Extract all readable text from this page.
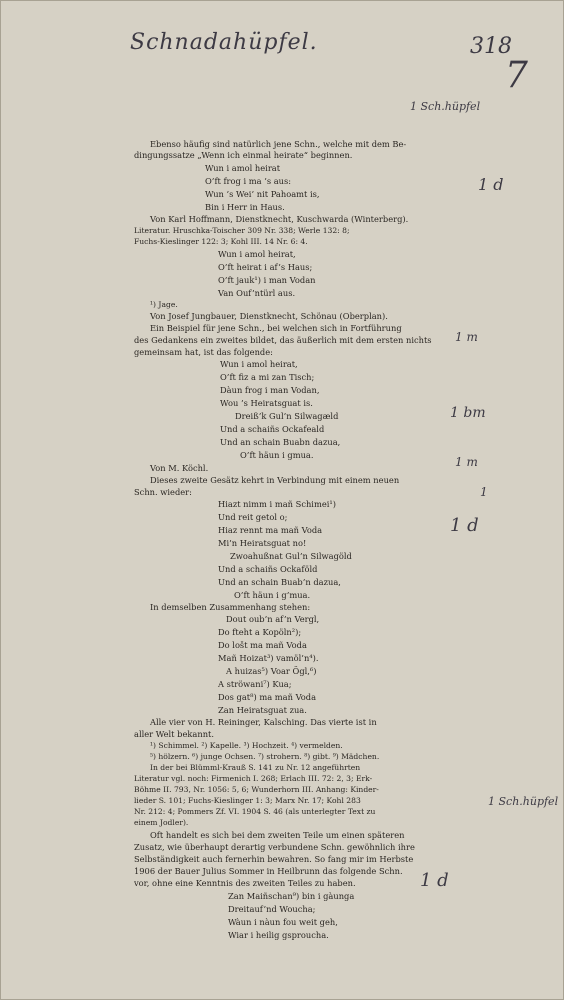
Schnadahüpfel.	318
7
1 Sch.hüpfel
1 d
1 m
1 bm
1 m
1
1 d
1 Sch.hüpfel
1 d
Ebenso häufig sind natürlich jene Schn., welche mit dem Be-
dingungssatze „Wenn ich einmal heirate“ beginnen.
Wun i amol heirat
O’ft frog i ma ’s aus:
Wun ’s Wei’ nit Pahoamt is,
Bin i Herr in Haus.
Von Karl Hoffmann, Dienstknecht, Kuschwarda (Winterberg).
Literatur. Hruschka-Toischer 309 Nr. 338; Werle 132: 8;
Fuchs-Kieslinger 122: 3; Kohl III. 14 Nr. 6: 4.
Wun i amol heirat,
O’ft heirat i af’s Haus;
O’ft jauk¹) i man Vodan
Van Ouf’ntürl aus.
¹) Jage.
Von Josef Jungbauer, Dienstknecht, Schönau (Oberplan).
Ein Beispiel für jene Schn., bei welchen sich in Fortführung
des Gedankens ein zweites bildet, das äußerlich mit dem ersten nichts
gemeinsam hat, ist das folgende:
Wun i amol heirat,
O’ft fiz a mi zan Tisch;
Dàun frog i man Vodan,
Wou ’s Heiratsguat is.
Dreiß’k Gul’n Silwagæld
Und a schaiñs Ockafeald
Und an schain Buabn dazua,
O’ft häun i gmua.
Von M. Köchl.
Dieses zweite Gesätz kehrt in Verbindung mit einem neuen
Schn. wieder:
Hiazt nimm i mañ Schimei¹)
Und reit getol o;
Hiaz rennt ma mañ Voda
Mi’n Heiratsguat no!
Zwoahußnat Gul’n Silwagöld
Und a schaiñs Ockaföld
Und an schain Buab’n dazua,
O’ft häun i g’mua.
In demselben Zusammenhang stehen:
Dout oub’n af’n Vergl,
Do fteht a Kopöln²);
Do lošt ma mañ Voda
Mañ Hoizat³) vamöl’n⁴).
A huizas⁵) Voar Ögl,⁶)
A ströwani⁷) Kua;
Dos gat⁸) ma mañ Voda
Zan Heiratsguat zua.
Alle vier von H. Reininger, Kalsching. Das vierte ist in
aller Welt bekannt.
¹) Schimmel. ²) Kapelle. ³) Hochzeit. ⁴) vermelden.
⁵) hölzern. ⁶) junge Ochsen. ⁷) strohern. ⁸) gibt. ⁹) Mädchen.
In der bei Blümml-Krauß S. 141 zu Nr. 12 angeführten
Literatur vgl. noch: Firmenich I. 268; Erlach III. 72: 2, 3; Erk-
Böhme II. 793, Nr. 1056: 5, 6; Wunderhorn III. Anhang: Kinder-
lieder S. 101; Fuchs-Kieslinger 1: 3; Marx Nr. 17; Kohl 283
Nr. 212: 4; Pommers Zf. VI. 1904 S. 46 (als unterlegter Text zu
einem Jodler).
Oft handelt es sich bei dem zweiten Teile um einen späteren
Zusatz, wie überhaupt derartig verbundene Schn. gewöhnlich ihre
Selbständigkeit auch fernerhin bewahren. So fang mir im Herbste
1906 der Bauer Julius Sommer in Heilbrunn das folgende Schn.
vor, ohne eine Kenntnis des zweiten Teiles zu haben.
Zan Maiñschan⁹) bin i gàunga
Dreitauf’nd Woucha;
Wàun i nàun fou weit geh,
Wiar i heilig gsproucha.
